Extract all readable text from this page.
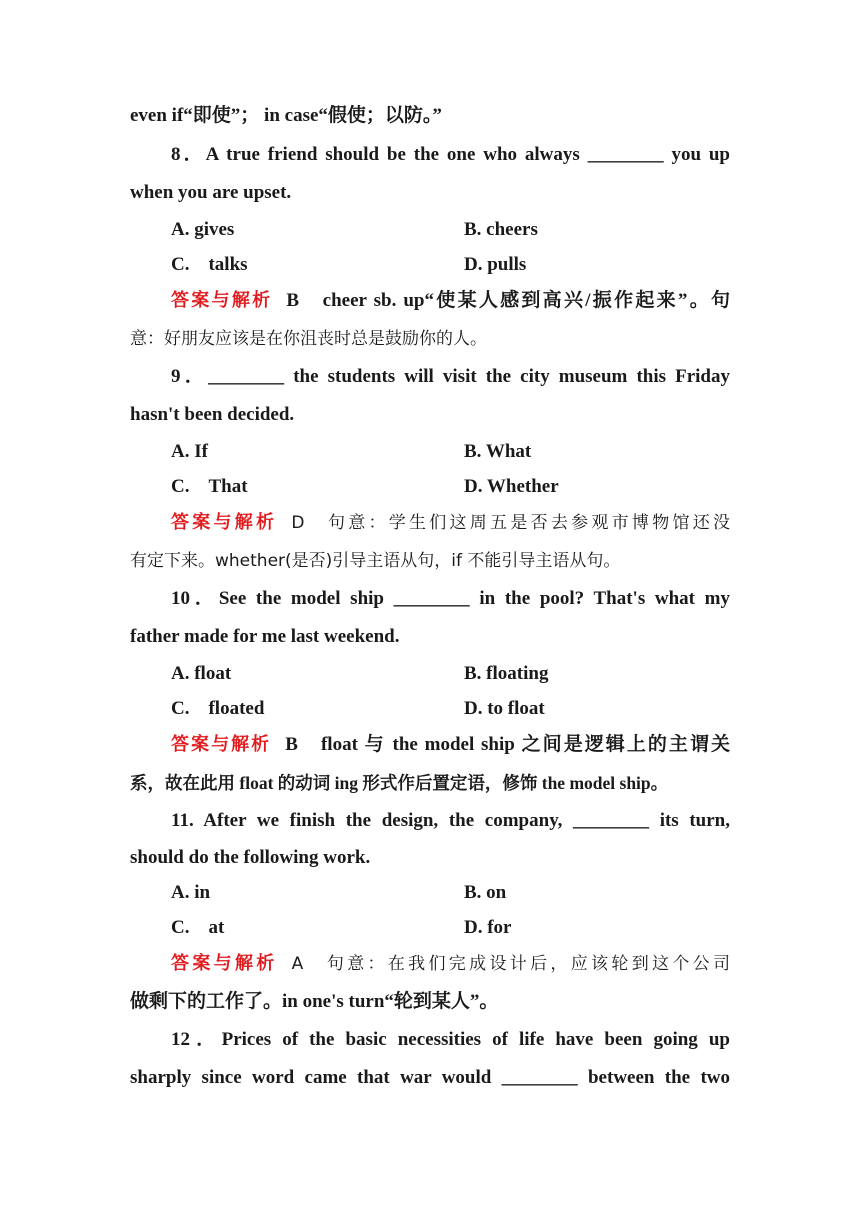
even if“即使”； in case“假使；以防。”
8．A true friend should be the one who always ________ you up
when you are upset.
A. gives	B. cheers
C.　talks	D. pulls
答案与解析 B　cheer sb. up“使某人感到高兴/振作起来”。句
意：好朋友应该是在你沮丧时总是鼓励你的人。
9．________ the students will visit the city museum this Friday
hasn't been decided.
A. If	B. What
C.　That	D. Whether
答案与解析 D　句意：学生们这周五是否去参观市博物馆还没
有定下来。whether(是否)引导主语从句，if 不能引导主语从句。
10．See the model ship ________ in the pool? That's what my
father made for me last weekend.
A. float	B. floating
C.　floated	D. to float
答案与解析 B　float 与 the model ship 之间是逻辑上的主谓关
系，故在此用 float 的动词 ing 形式作后置定语，修饰 the model ship。
11. After we finish the design, the company, ________ its turn,
should do the following work.
A. in	B. on
C.　at	D. for
答案与解析 A　句意：在我们完成设计后，应该轮到这个公司
做剩下的工作了。in one's turn“轮到某人”。
12．Prices of the basic necessities of life have been going up
sharply since word came that war would ________ between the two
